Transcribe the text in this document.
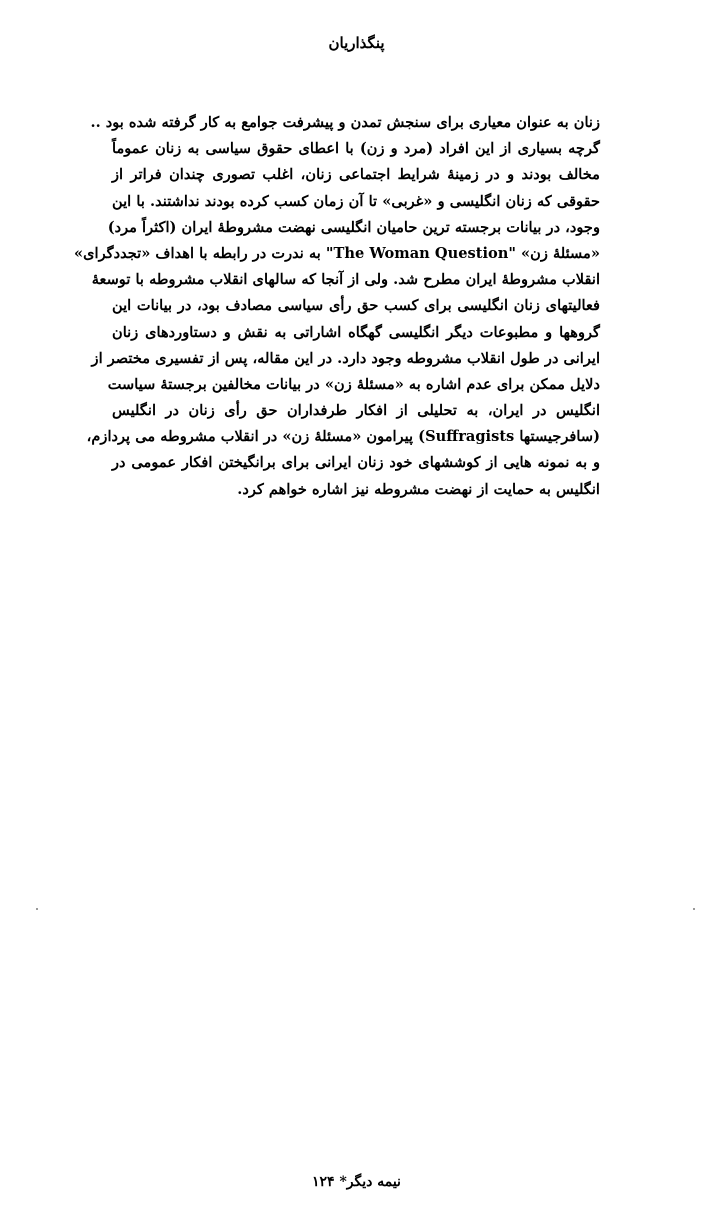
پنگذاریان
زنان به عنوان معیاری برای سنجش تمدن و پیشرفت جوامع به کار گرفته شده بود ..
گرچه بسیاری از این افراد (مرد و زن) با اعطای حقوق سیاسی به زنان عموماً
مخالف بودند و در زمینهٔ شرایط اجتماعی زنان، اغلب تصوری چندان فراتر از
حقوقی که زنان انگلیسی و «غربی» تا آن زمان کسب کرده بودند نداشتند. با این
وجود، در بیانات برجسته ترین حامیان انگلیسی نهضت مشروطهٔ ایران (اکثراً مرد)
«مسئلهٔ زن» "The Woman Question" به ندرت در رابطه با اهداف «تجددگرای»
انقلاب مشروطهٔ ایران مطرح شد. ولی از آنجا که سالهای انقلاب مشروطه با توسعهٔ
فعالیتهای زنان انگلیسی برای کسب حق رأی سیاسی مصادف بود، در بیانات این
گروهها و مطبوعات دیگر انگلیسی گهگاه اشاراتی به نقش و دستاوردهای زنان
ایرانی در طول انقلاب مشروطه وجود دارد. در این مقاله، پس از تفسیری مختصر از
دلایل ممکن برای عدم اشاره به «مسئلهٔ زن» در بیانات مخالفین برجستهٔ سیاست
انگلیس در ایران، به تحلیلی از افکار طرفداران حق رأی زنان در انگلیس
(سافرجیستها Suffragists) پیرامون «مسئلهٔ زن» در انقلاب مشروطه می پردازم،
و به نمونه هایی از کوششهای خود زنان ایرانی برای برانگیختن افکار عمومی در
انگلیس به حمایت از نهضت مشروطه نیز اشاره خواهم کرد.
نیمه دیگر* ۱۲۴
